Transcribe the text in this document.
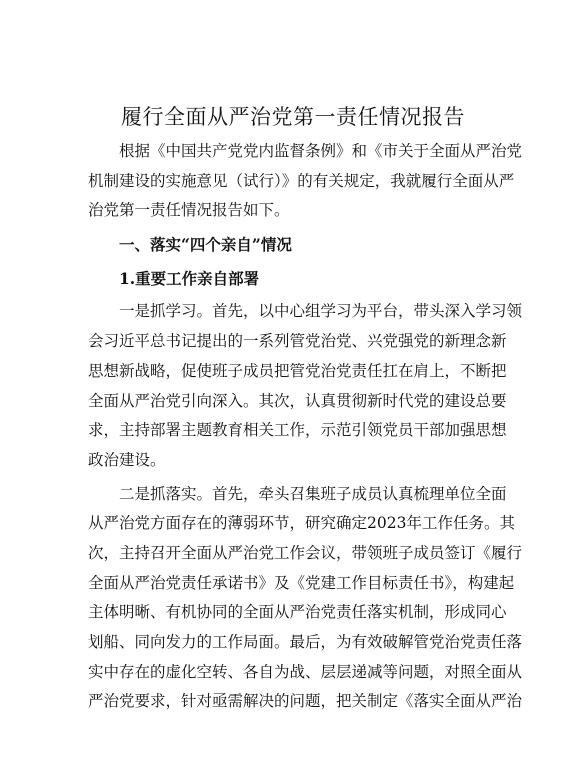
履行全面从严治党第一责任情况报告
根据《中国共产党党内监督条例》和《市关于全面从严治党
机制建设的实施意见（试行）》的有关规定，我就履行全面从严
治党第一责任情况报告如下。
一、落实“四个亲自”情况
1.重要工作亲自部署
一是抓学习。首先，以中心组学习为平台，带头深入学习领
会习近平总书记提出的一系列管党治党、兴党强党的新理念新
思想新战略，促使班子成员把管党治党责任扛在肩上，不断把
全面从严治党引向深入。其次，认真贯彻新时代党的建设总要
求，主持部署主题教育相关工作，示范引领党员干部加强思想
政治建设。
二是抓落实。首先，牵头召集班子成员认真梳理单位全面
从严治党方面存在的薄弱环节，研究确定2023年工作任务。其
次，主持召开全面从严治党工作会议，带领班子成员签订《履行
全面从严治党责任承诺书》及《党建工作目标责任书》，构建起
主体明晰、有机协同的全面从严治党责任落实机制，形成同心
划船、同向发力的工作局面。最后，为有效破解管党治党责任落
实中存在的虚化空转、各自为战、层层递减等问题，对照全面从
严治党要求，针对亟需解决的问题，把关制定《落实全面从严治
